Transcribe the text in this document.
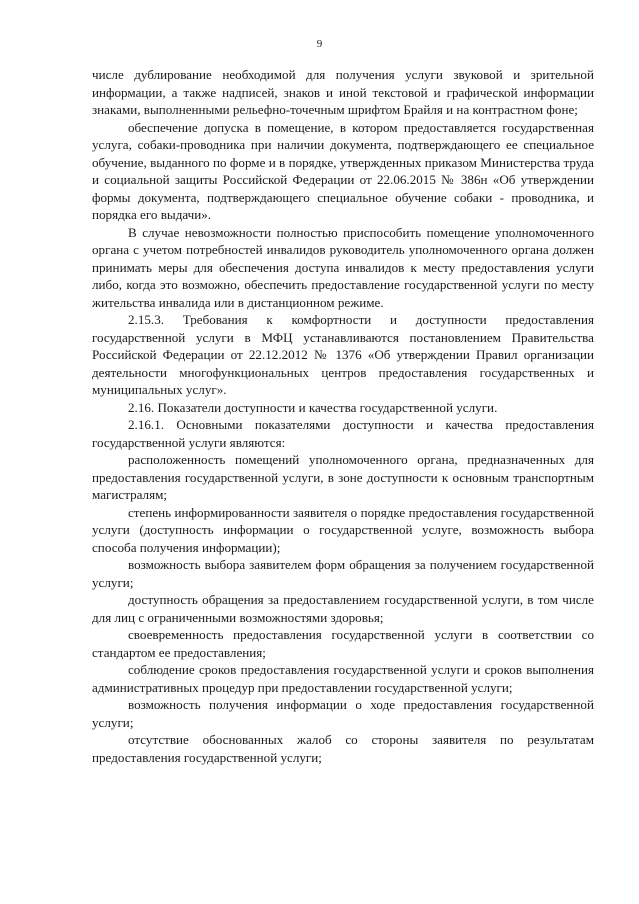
9

числе дублирование необходимой для получения услуги звуковой и зрительной информации, а также надписей, знаков и иной текстовой и графической информации знаками, выполненными рельефно-точечным шрифтом Брайля и на контрастном фоне;

обеспечение допуска в помещение, в котором предоставляется государственная услуга, собаки-проводника при наличии документа, подтверждающего ее специальное обучение, выданного по форме и в порядке, утвержденных приказом Министерства труда и социальной защиты Российской Федерации от 22.06.2015 № 386н «Об утверждении формы документа, подтверждающего специальное обучение собаки - проводника, и порядка его выдачи».

В случае невозможности полностью приспособить помещение уполномоченного органа с учетом потребностей инвалидов руководитель уполномоченного органа должен принимать меры для обеспечения доступа инвалидов к месту предоставления услуги либо, когда это возможно, обеспечить предоставление государственной услуги по месту жительства инвалида или в дистанционном режиме.

2.15.3. Требования к комфортности и доступности предоставления государственной услуги в МФЦ устанавливаются постановлением Правительства Российской Федерации от 22.12.2012 № 1376 «Об утверждении Правил организации деятельности многофункциональных центров предоставления государственных и муниципальных услуг».

2.16. Показатели доступности и качества государственной услуги.

2.16.1. Основными показателями доступности и качества предоставления государственной услуги являются:

расположенность помещений уполномоченного органа, предназначенных для предоставления государственной услуги, в зоне доступности к основным транспортным магистралям;

степень информированности заявителя о порядке предоставления государственной услуги (доступность информации о государственной услуге, возможность выбора способа получения информации);

возможность выбора заявителем форм обращения за получением государственной услуги;

доступность обращения за предоставлением государственной услуги, в том числе для лиц с ограниченными возможностями здоровья;

своевременность предоставления государственной услуги в соответствии со стандартом ее предоставления;

соблюдение сроков предоставления государственной услуги и сроков выполнения административных процедур при предоставлении государственной услуги;

возможность получения информации о ходе предоставления государственной услуги;

отсутствие обоснованных жалоб со стороны заявителя по результатам предоставления государственной услуги;
